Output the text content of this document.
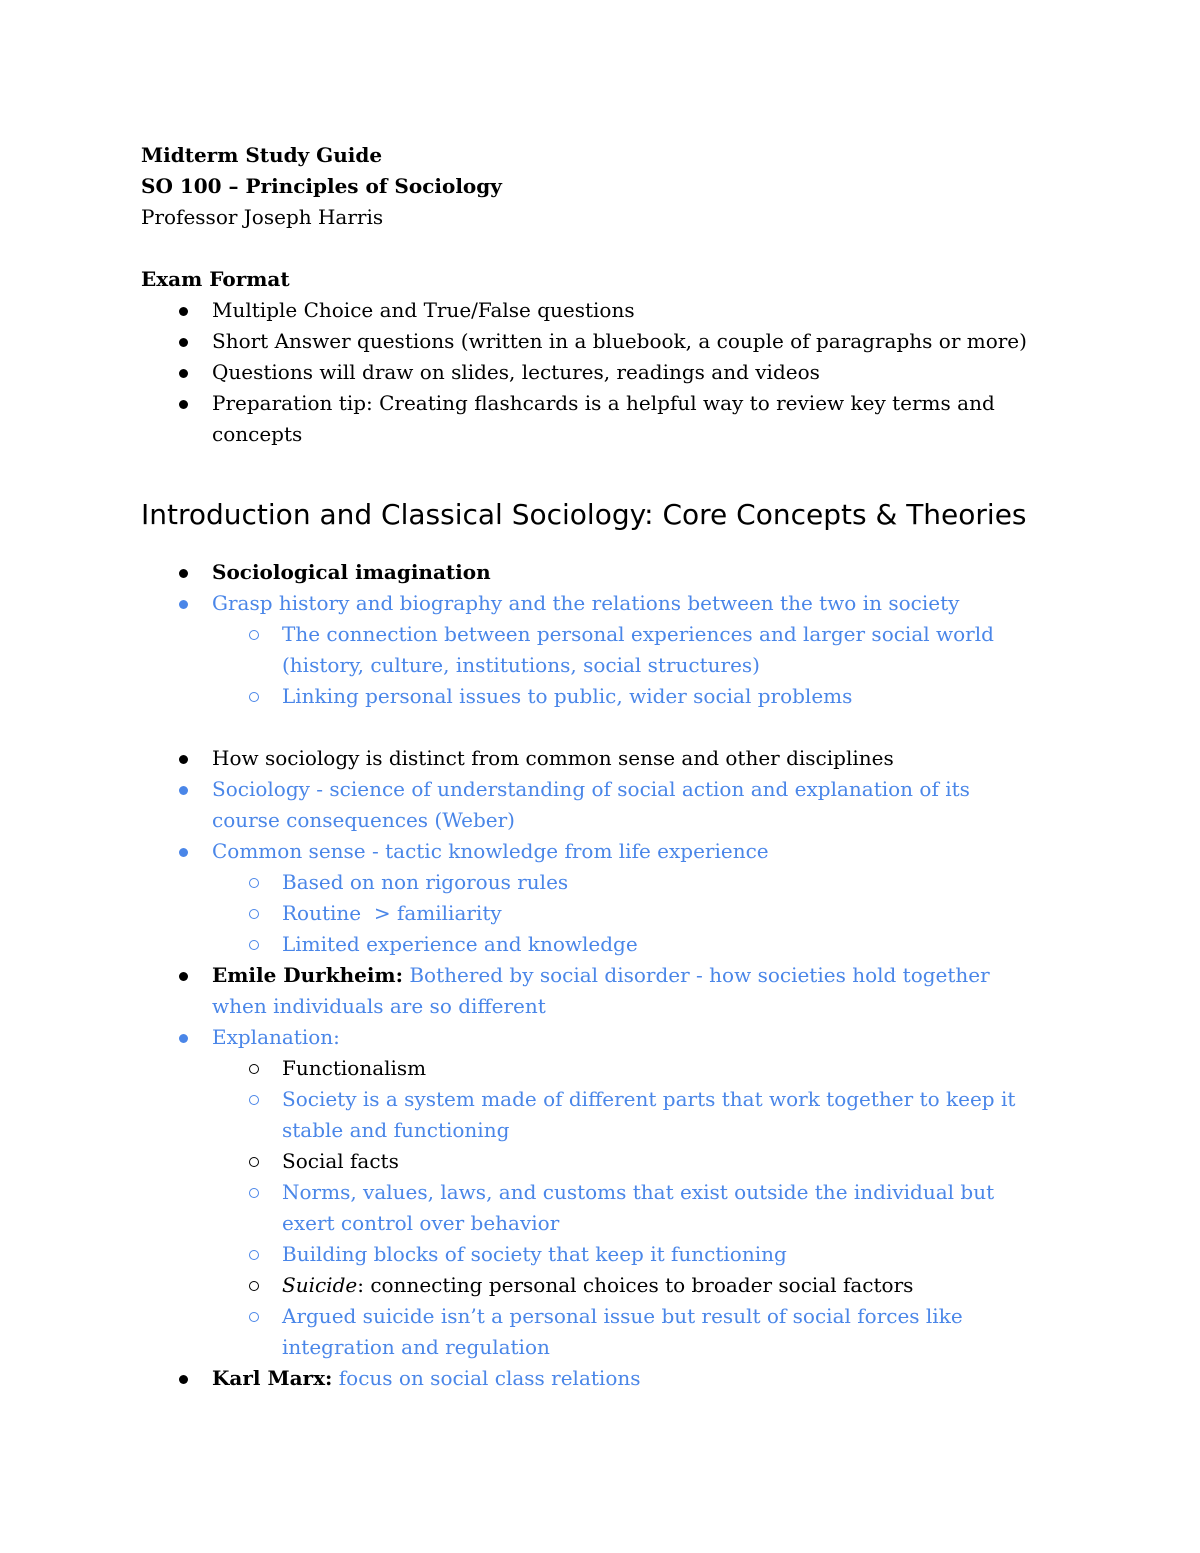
Midterm Study Guide
SO 100 – Principles of Sociology
Professor Joseph Harris
Exam Format
Multiple Choice and True/False questions
Short Answer questions (written in a bluebook, a couple of paragraphs or more)
Questions will draw on slides, lectures, readings and videos
Preparation tip: Creating flashcards is a helpful way to review key terms and concepts
Introduction and Classical Sociology: Core Concepts & Theories
Sociological imagination
Grasp history and biography and the relations between the two in society
The connection between personal experiences and larger social world (history, culture, institutions, social structures)
Linking personal issues to public, wider social problems
How sociology is distinct from common sense and other disciplines
Sociology - science of understanding of social action and explanation of its course consequences (Weber)
Common sense - tactic knowledge from life experience
Based on non rigorous rules
Routine  > familiarity
Limited experience and knowledge
Emile Durkheim: Bothered by social disorder - how societies hold together when individuals are so different
Explanation:
Functionalism
Society is a system made of different parts that work together to keep it stable and functioning
Social facts
Norms, values, laws, and customs that exist outside the individual but exert control over behavior
Building blocks of society that keep it functioning
Suicide: connecting personal choices to broader social factors
Argued suicide isn’t a personal issue but result of social forces like integration and regulation
Karl Marx: focus on social class relations
